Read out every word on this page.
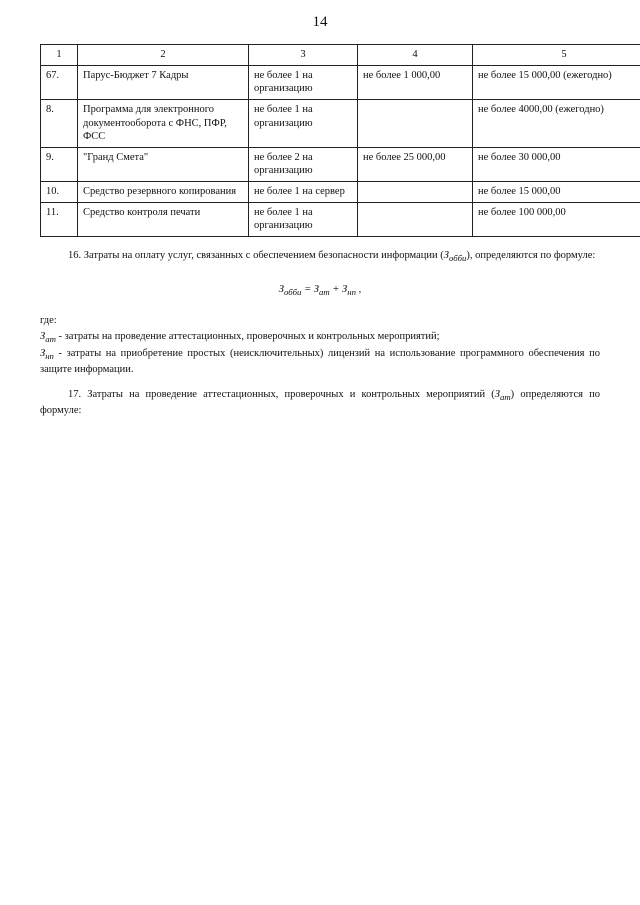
14
1	2	3	4	5
67.	Парус-Бюджет 7 Кадры	не более 1 на организацию	не более 1 000,00	не более 15 000,00 (ежегодно)
8.	Программа для электронного документооборота с ФНС, ПФР, ФСС	не более 1 на организацию		не более 4000,00 (ежегодно)
9.	"Гранд Смета"	не более 2 на организацию	не более 25 000,00	не более 30 000,00
10.	Средство резервного копирования	не более 1 на сервер		не более 15 000,00
11.	Средство контроля печати	не более 1 на организацию		не более 100 000,00

16. Затраты на оплату услуг, связанных с обеспечением безопасности информации $(З_{обби})$, определяются по формуле:

$З_{обби} = З_{ат} + З_{нп}$ ,
где:

$З_{ат}$ - затраты на проведение аттестационных, проверочных и контрольных мероприятий;

$З_{нп}$ - затраты на приобретение простых (неисключительных) лицензий на использование программного обеспечения по защите информации.

17. Затраты на проведение аттестационных, проверочных и контрольных мероприятий $(З_{ат})$ определяются по формуле:
